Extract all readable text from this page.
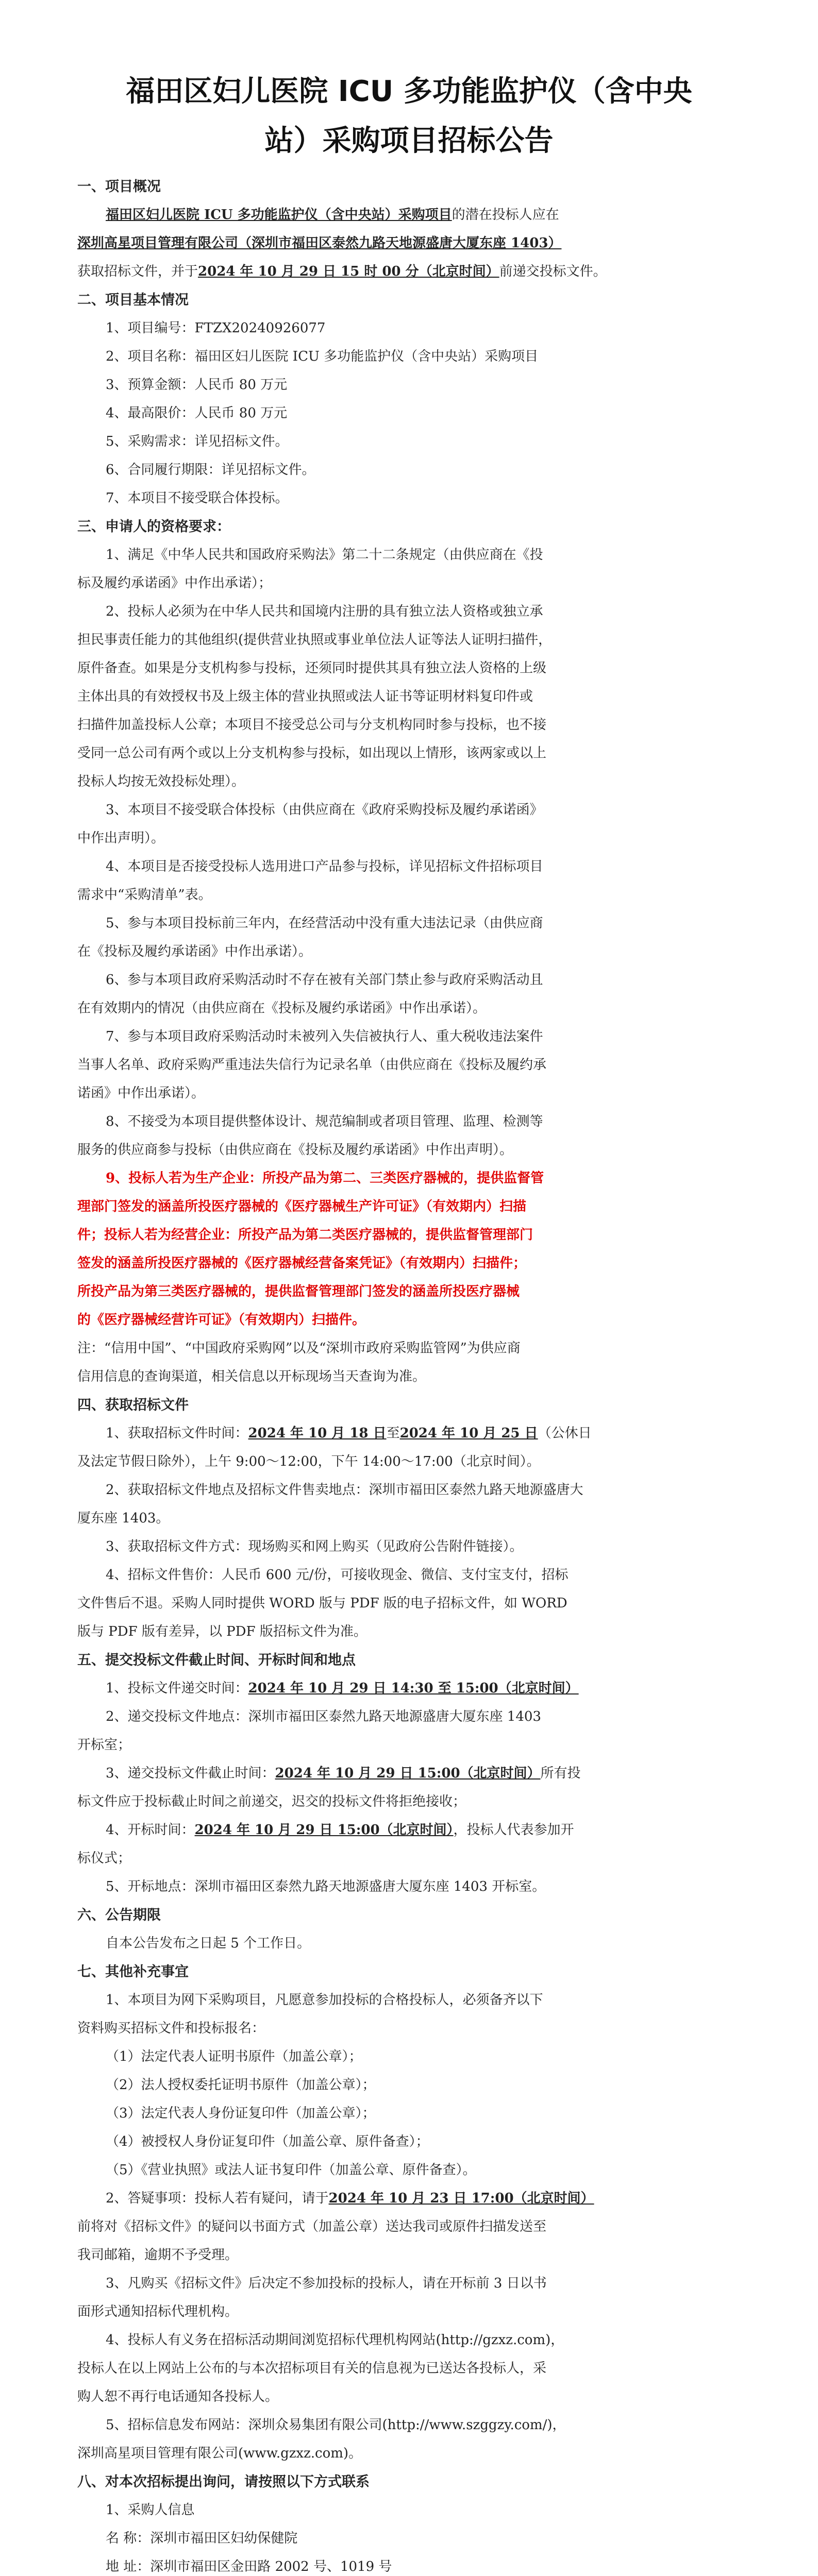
福田区妇儿医院 ICU 多功能监护仪（含中央
站）采购项目招标公告
一、项目概况
福田区妇儿医院 ICU 多功能监护仪（含中央站）采购项目的潜在投标人应在
深圳高星项目管理有限公司（深圳市福田区泰然九路天地源盛唐大厦东座 1403）
获取招标文件，并于2024 年 10 月 29 日 15 时 00 分（北京时间）前递交投标文件。
二、项目基本情况
1、项目编号：FTZX20240926077
2、项目名称：福田区妇儿医院 ICU 多功能监护仪（含中央站）采购项目
3、预算金额：人民币 80 万元
4、最高限价：人民币 80 万元
5、采购需求：详见招标文件。
6、合同履行期限：详见招标文件。
7、本项目不接受联合体投标。
三、申请人的资格要求：
1、满足《中华人民共和国政府采购法》第二十二条规定（由供应商在《投
标及履约承诺函》中作出承诺）；
2、投标人必须为在中华人民共和国境内注册的具有独立法人资格或独立承
担民事责任能力的其他组织(提供营业执照或事业单位法人证等法人证明扫描件，
原件备查。如果是分支机构参与投标，还须同时提供其具有独立法人资格的上级
主体出具的有效授权书及上级主体的营业执照或法人证书等证明材料复印件或
扫描件加盖投标人公章；本项目不接受总公司与分支机构同时参与投标，也不接
受同一总公司有两个或以上分支机构参与投标，如出现以上情形，该两家或以上
投标人均按无效投标处理）。
3、本项目不接受联合体投标（由供应商在《政府采购投标及履约承诺函》
中作出声明）。
4、本项目是否接受投标人选用进口产品参与投标，详见招标文件招标项目
需求中“采购清单”表。
5、参与本项目投标前三年内，在经营活动中没有重大违法记录（由供应商
在《投标及履约承诺函》中作出承诺）。
6、参与本项目政府采购活动时不存在被有关部门禁止参与政府采购活动且
在有效期内的情况（由供应商在《投标及履约承诺函》中作出承诺）。
7、参与本项目政府采购活动时未被列入失信被执行人、重大税收违法案件
当事人名单、政府采购严重违法失信行为记录名单（由供应商在《投标及履约承
诺函》中作出承诺）。
8、不接受为本项目提供整体设计、规范编制或者项目管理、监理、检测等
服务的供应商参与投标（由供应商在《投标及履约承诺函》中作出声明）。
9、投标人若为生产企业：所投产品为第二、三类医疗器械的，提供监督管
理部门签发的涵盖所投医疗器械的《医疗器械生产许可证》（有效期内）扫描
件；投标人若为经营企业：所投产品为第二类医疗器械的，提供监督管理部门
签发的涵盖所投医疗器械的《医疗器械经营备案凭证》（有效期内）扫描件；
所投产品为第三类医疗器械的，提供监督管理部门签发的涵盖所投医疗器械
的《医疗器械经营许可证》（有效期内）扫描件。
注：“信用中国”、“中国政府采购网”以及“深圳市政府采购监管网”为供应商
信用信息的查询渠道，相关信息以开标现场当天查询为准。
四、获取招标文件
1、获取招标文件时间：2024 年 10 月 18 日至2024 年 10 月 25 日（公休日
及法定节假日除外），上午 9:00～12:00，下午 14:00～17:00（北京时间）。
2、获取招标文件地点及招标文件售卖地点：深圳市福田区泰然九路天地源盛唐大
厦东座 1403。
3、获取招标文件方式：现场购买和网上购买（见政府公告附件链接）。
4、招标文件售价：人民币 600 元/份，可接收现金、微信、支付宝支付，招标
文件售后不退。采购人同时提供 WORD 版与 PDF 版的电子招标文件，如 WORD
版与 PDF 版有差异，以 PDF 版招标文件为准。
五、提交投标文件截止时间、开标时间和地点
1、投标文件递交时间：2024 年 10 月 29 日 14:30 至 15:00（北京时间）
2、递交投标文件地点：深圳市福田区泰然九路天地源盛唐大厦东座 1403
开标室；
3、递交投标文件截止时间：2024 年 10 月 29 日 15:00（北京时间）所有投
标文件应于投标截止时间之前递交，迟交的投标文件将拒绝接收；
4、开标时间：2024 年 10 月 29 日 15:00（北京时间），投标人代表参加开
标仪式；
5、开标地点：深圳市福田区泰然九路天地源盛唐大厦东座 1403 开标室。
六、公告期限
自本公告发布之日起 5 个工作日。
七、其他补充事宜
1、本项目为网下采购项目，凡愿意参加投标的合格投标人，必须备齐以下
资料购买招标文件和投标报名：
（1）法定代表人证明书原件（加盖公章）；
（2）法人授权委托证明书原件（加盖公章）；
（3）法定代表人身份证复印件（加盖公章）；
（4）被授权人身份证复印件（加盖公章、原件备查）；
（5）《营业执照》或法人证书复印件（加盖公章、原件备查）。
2、答疑事项：投标人若有疑问，请于2024 年 10 月 23 日 17:00（北京时间）
前将对《招标文件》的疑问以书面方式（加盖公章）送达我司或原件扫描发送至
我司邮箱，逾期不予受理。
3、凡购买《招标文件》后决定不参加投标的投标人，请在开标前 3 日以书
面形式通知招标代理机构。
4、投标人有义务在招标活动期间浏览招标代理机构网站(http://gzxz.com)，
投标人在以上网站上公布的与本次招标项目有关的信息视为已送达各投标人，采
购人恕不再行电话通知各投标人。
5、招标信息发布网站：深圳众易集团有限公司(http://www.szggzy.com/)，
深圳高星项目管理有限公司(www.gzxz.com)。
八、对本次招标提出询问，请按照以下方式联系
1、采购人信息
名 称：深圳市福田区妇幼保健院
地 址：深圳市福田区金田路 2002 号、1019 号
